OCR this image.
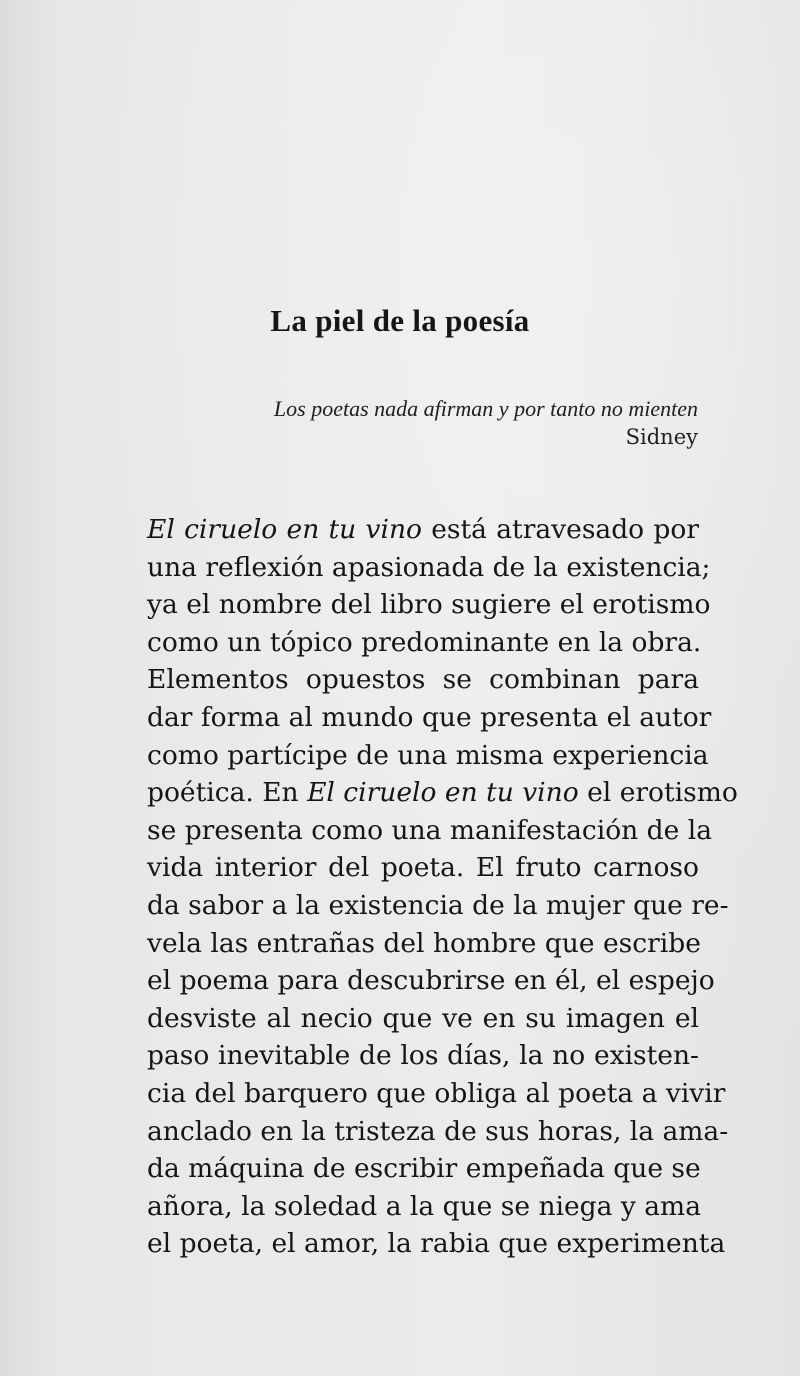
La piel de la poesía
Los poetas nada afirman y por tanto no mienten
Sidney
El ciruelo en tu vino está atravesado por
una reflexión apasionada de la existencia;
ya el nombre del libro sugiere el erotismo
como un tópico predominante en la obra.
Elementos opuestos se combinan para
dar forma al mundo que presenta el autor
como partícipe de una misma experiencia
poética. En El ciruelo en tu vino el erotismo
se presenta como una manifestación de la
vida interior del poeta. El fruto carnoso
da sabor a la existencia de la mujer que re-
vela las entrañas del hombre que escribe
el poema para descubrirse en él, el espejo
desviste al necio que ve en su imagen el
paso inevitable de los días, la no existen-
cia del barquero que obliga al poeta a vivir
anclado en la tristeza de sus horas, la ama-
da máquina de escribir empeñada que se
añora, la soledad a la que se niega y ama
el poeta, el amor, la rabia que experimenta
